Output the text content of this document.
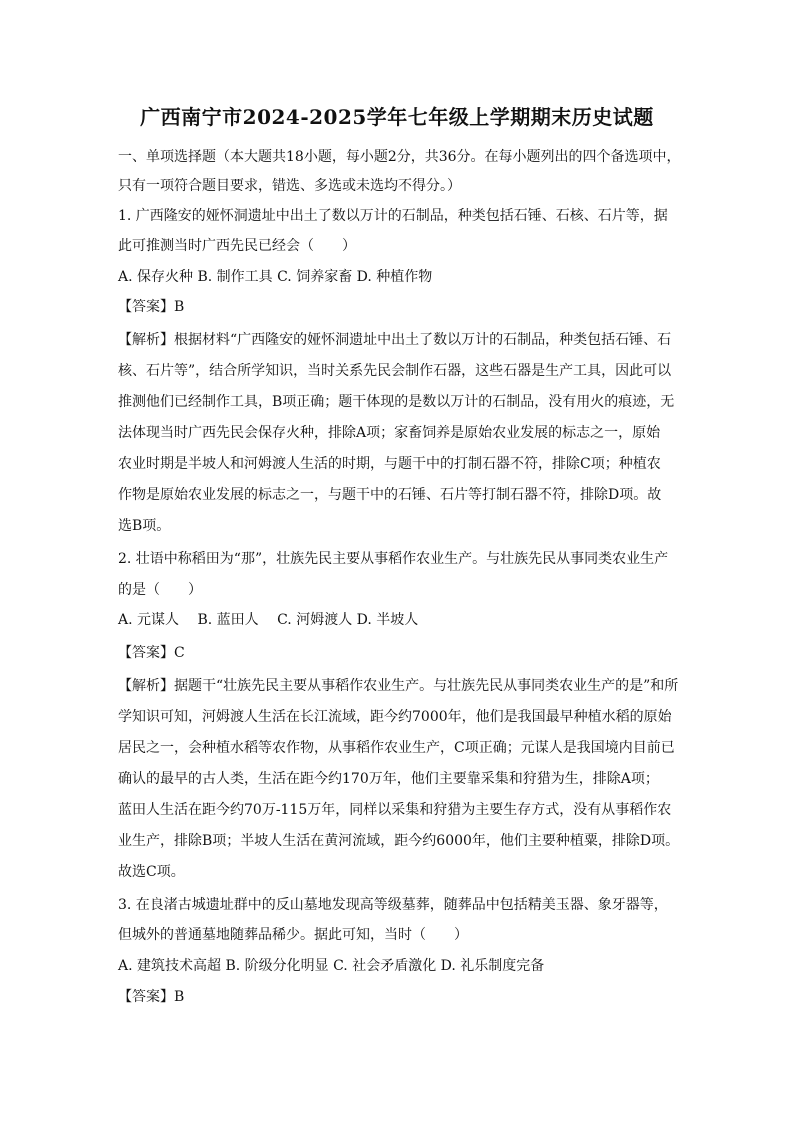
广西南宁市2024-2025学年七年级上学期期末历史试题
一、单项选择题（本大题共18小题，每小题2分，共36分。在每小题列出的四个备选项中，
只有一项符合题目要求，错选、多选或未选均不得分。）
1. 广西隆安的娅怀洞遗址中出土了数以万计的石制品，种类包括石锤、石核、石片等，据
此可推测当时广西先民已经会（　　）
A. 保存火种 B. 制作工具 C. 饲养家畜 D. 种植作物
【答案】B
【解析】根据材料“广西隆安的娅怀洞遗址中出土了数以万计的石制品，种类包括石锤、石
核、石片等”，结合所学知识，当时关系先民会制作石器，这些石器是生产工具，因此可以
推测他们已经制作工具，B项正确；题干体现的是数以万计的石制品，没有用火的痕迹，无
法体现当时广西先民会保存火种，排除A项；家畜饲养是原始农业发展的标志之一，原始
农业时期是半坡人和河姆渡人生活的时期，与题干中的打制石器不符，排除C项；种植农
作物是原始农业发展的标志之一，与题干中的石锤、石片等打制石器不符，排除D项。故
选B项。
2. 壮语中称稻田为“那”，壮族先民主要从事稻作农业生产。与壮族先民从事同类农业生产
的是（　　）
A. 元谋人　 B. 蓝田人　 C. 河姆渡人 D. 半坡人
【答案】C
【解析】据题干“壮族先民主要从事稻作农业生产。与壮族先民从事同类农业生产的是”和所
学知识可知，河姆渡人生活在长江流域，距今约7000年，他们是我国最早种植水稻的原始
居民之一，会种植水稻等农作物，从事稻作农业生产，C项正确；元谋人是我国境内目前已
确认的最早的古人类，生活在距今约170万年，他们主要靠采集和狩猎为生，排除A项；
蓝田人生活在距今约70万-115万年，同样以采集和狩猎为主要生存方式，没有从事稻作农
业生产，排除B项；半坡人生活在黄河流域，距今约6000年，他们主要种植粟，排除D项。
故选C项。
3. 在良渚古城遗址群中的反山墓地发现高等级墓葬，随葬品中包括精美玉器、象牙器等，
但城外的普通墓地随葬品稀少。据此可知，当时（　　）
A. 建筑技术高超 B. 阶级分化明显 C. 社会矛盾激化 D. 礼乐制度完备
【答案】B
